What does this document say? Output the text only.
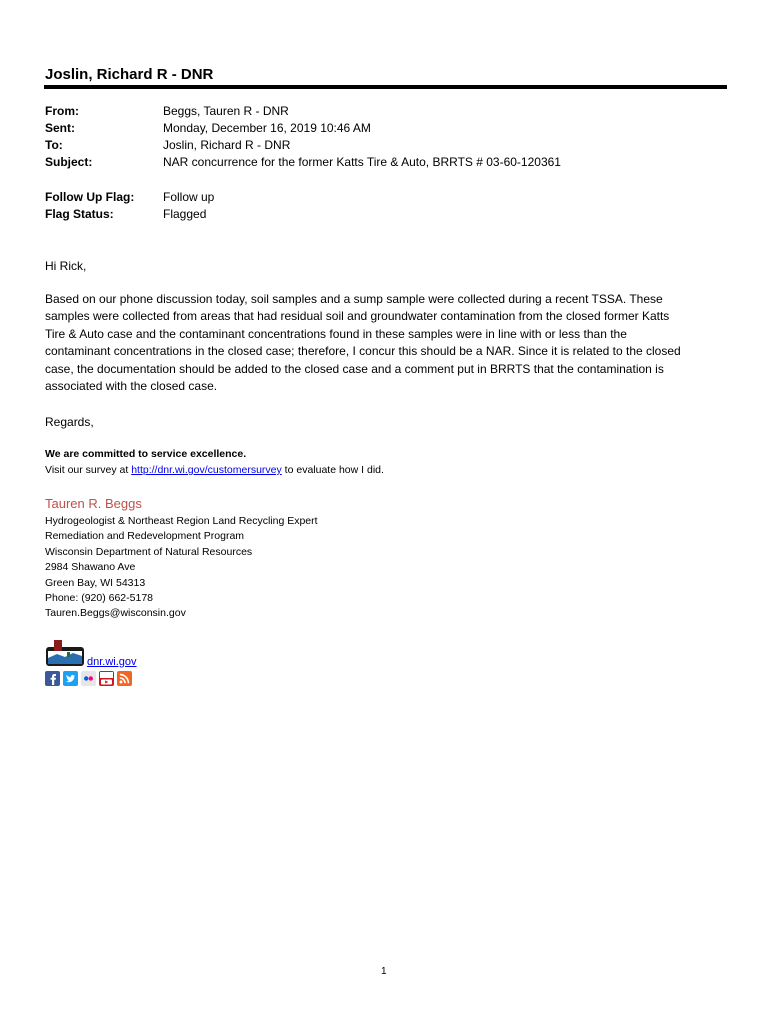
Joslin, Richard R - DNR
From:	Beggs, Tauren R - DNR
Sent:	Monday, December 16, 2019 10:46 AM
To:	Joslin, Richard R - DNR
Subject:	NAR concurrence for the former Katts Tire & Auto, BRRTS # 03-60-120361
Follow Up Flag:	Follow up
Flag Status:	Flagged
Hi Rick,
Based on our phone discussion today, soil samples and a sump sample were collected during a recent TSSA. These
samples were collected from areas that had residual soil and groundwater contamination from the closed former Katts
Tire & Auto case and the contaminant concentrations found in these samples were in line with or less than the
contaminant concentrations in the closed case; therefore, I concur this should be a NAR. Since it is related to the closed
case, the documentation should be added to the closed case and a comment put in BRRTS that the contamination is
associated with the closed case.
Regards,
We are committed to service excellence.
Visit our survey at http://dnr.wi.gov/customersurvey to evaluate how I did.
Tauren R. Beggs
Hydrogeologist & Northeast Region Land Recycling Expert
Remediation and Redevelopment Program
Wisconsin Department of Natural Resources
2984 Shawano Ave
Green Bay, WI 54313
Phone: (920) 662-5178
Tauren.Beggs@wisconsin.gov
dnr.wi.gov
1
